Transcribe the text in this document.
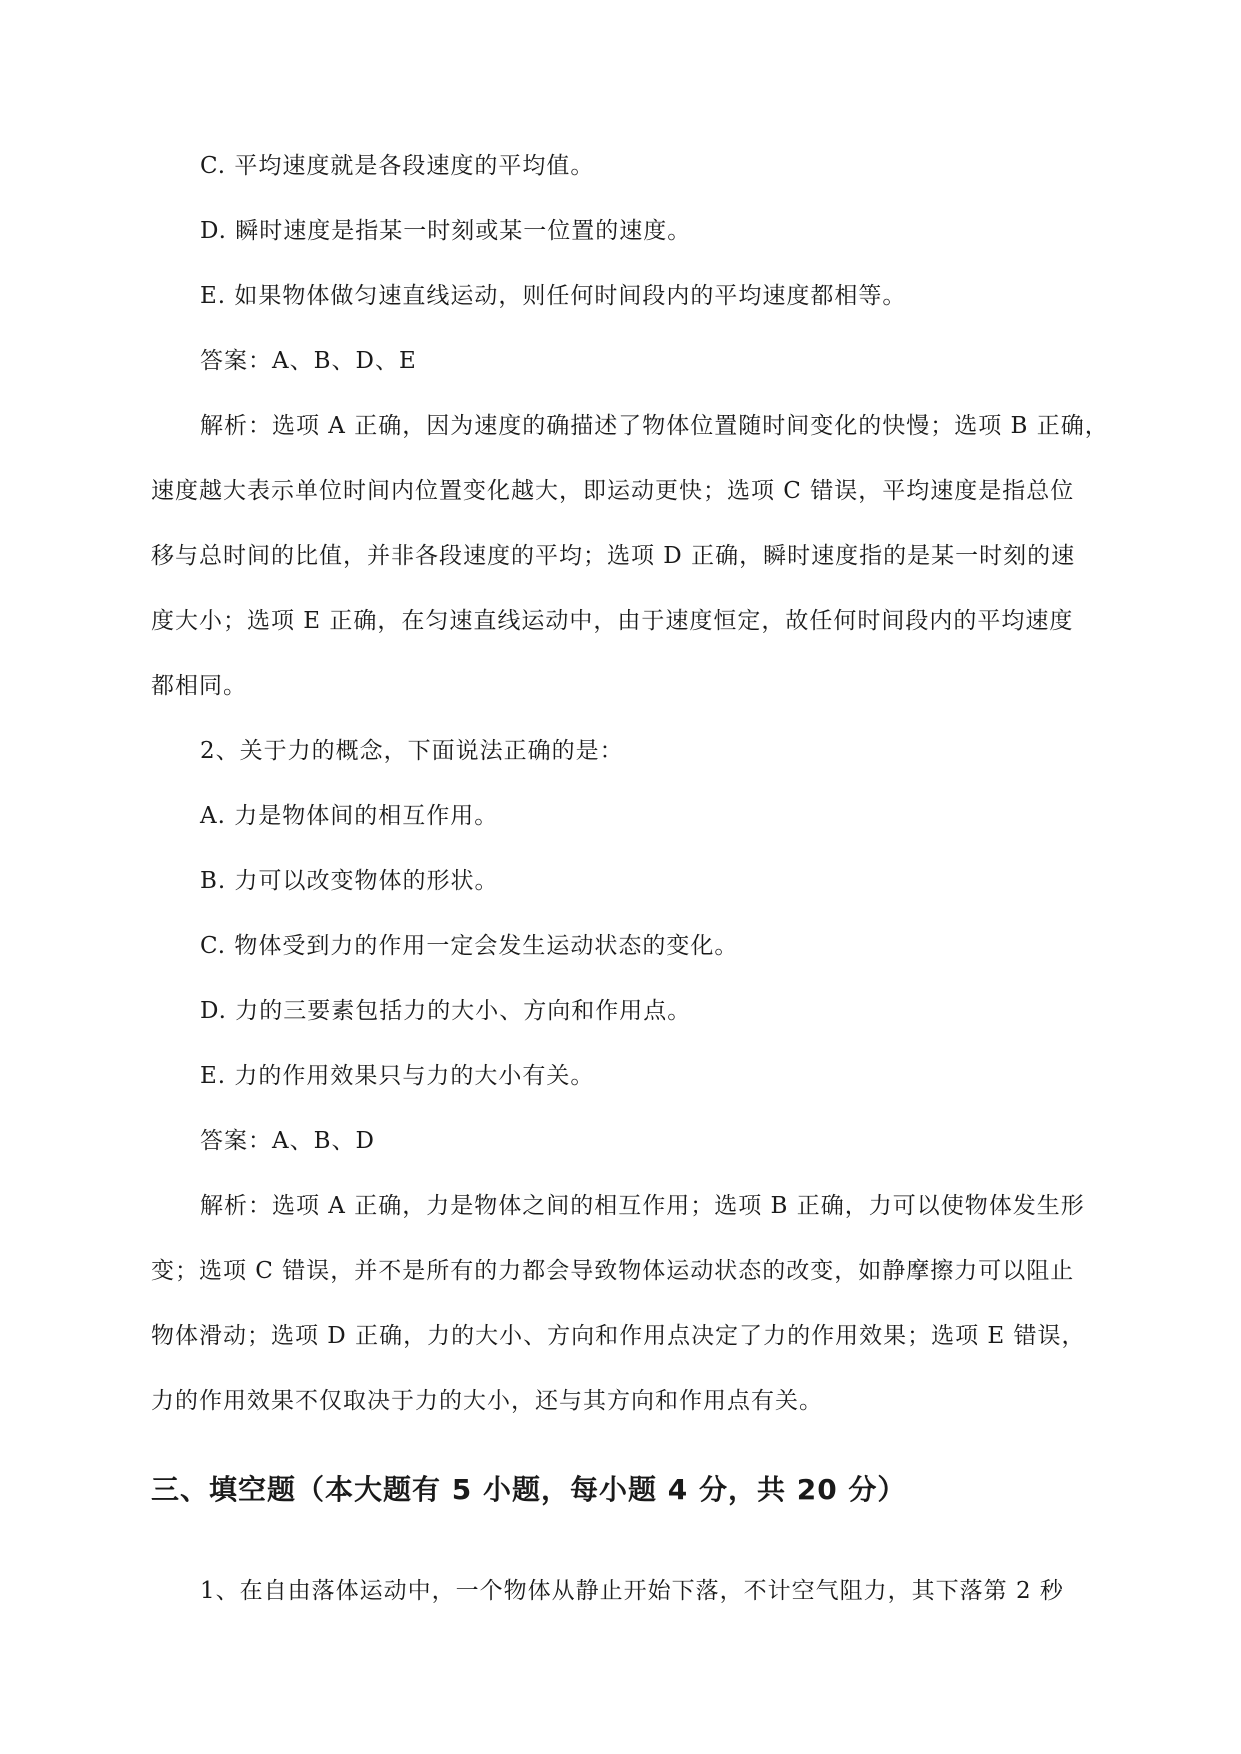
C. 平均速度就是各段速度的平均值。
D. 瞬时速度是指某一时刻或某一位置的速度。
E. 如果物体做匀速直线运动，则任何时间段内的平均速度都相等。
答案：A、B、D、E
解析：选项 A 正确，因为速度的确描述了物体位置随时间变化的快慢；选项 B 正确，
速度越大表示单位时间内位置变化越大，即运动更快；选项 C 错误，平均速度是指总位
移与总时间的比值，并非各段速度的平均；选项 D 正确，瞬时速度指的是某一时刻的速
度大小；选项 E 正确，在匀速直线运动中，由于速度恒定，故任何时间段内的平均速度
都相同。
2、关于力的概念，下面说法正确的是：
A. 力是物体间的相互作用。
B. 力可以改变物体的形状。
C. 物体受到力的作用一定会发生运动状态的变化。
D. 力的三要素包括力的大小、方向和作用点。
E. 力的作用效果只与力的大小有关。
答案：A、B、D
解析：选项 A 正确，力是物体之间的相互作用；选项 B 正确，力可以使物体发生形
变；选项 C 错误，并不是所有的力都会导致物体运动状态的改变，如静摩擦力可以阻止
物体滑动；选项 D 正确，力的大小、方向和作用点决定了力的作用效果；选项 E 错误，
力的作用效果不仅取决于力的大小，还与其方向和作用点有关。
三、填空题（本大题有 5 小题，每小题 4 分，共 20 分）
1、在自由落体运动中，一个物体从静止开始下落，不计空气阻力，其下落第 2 秒
